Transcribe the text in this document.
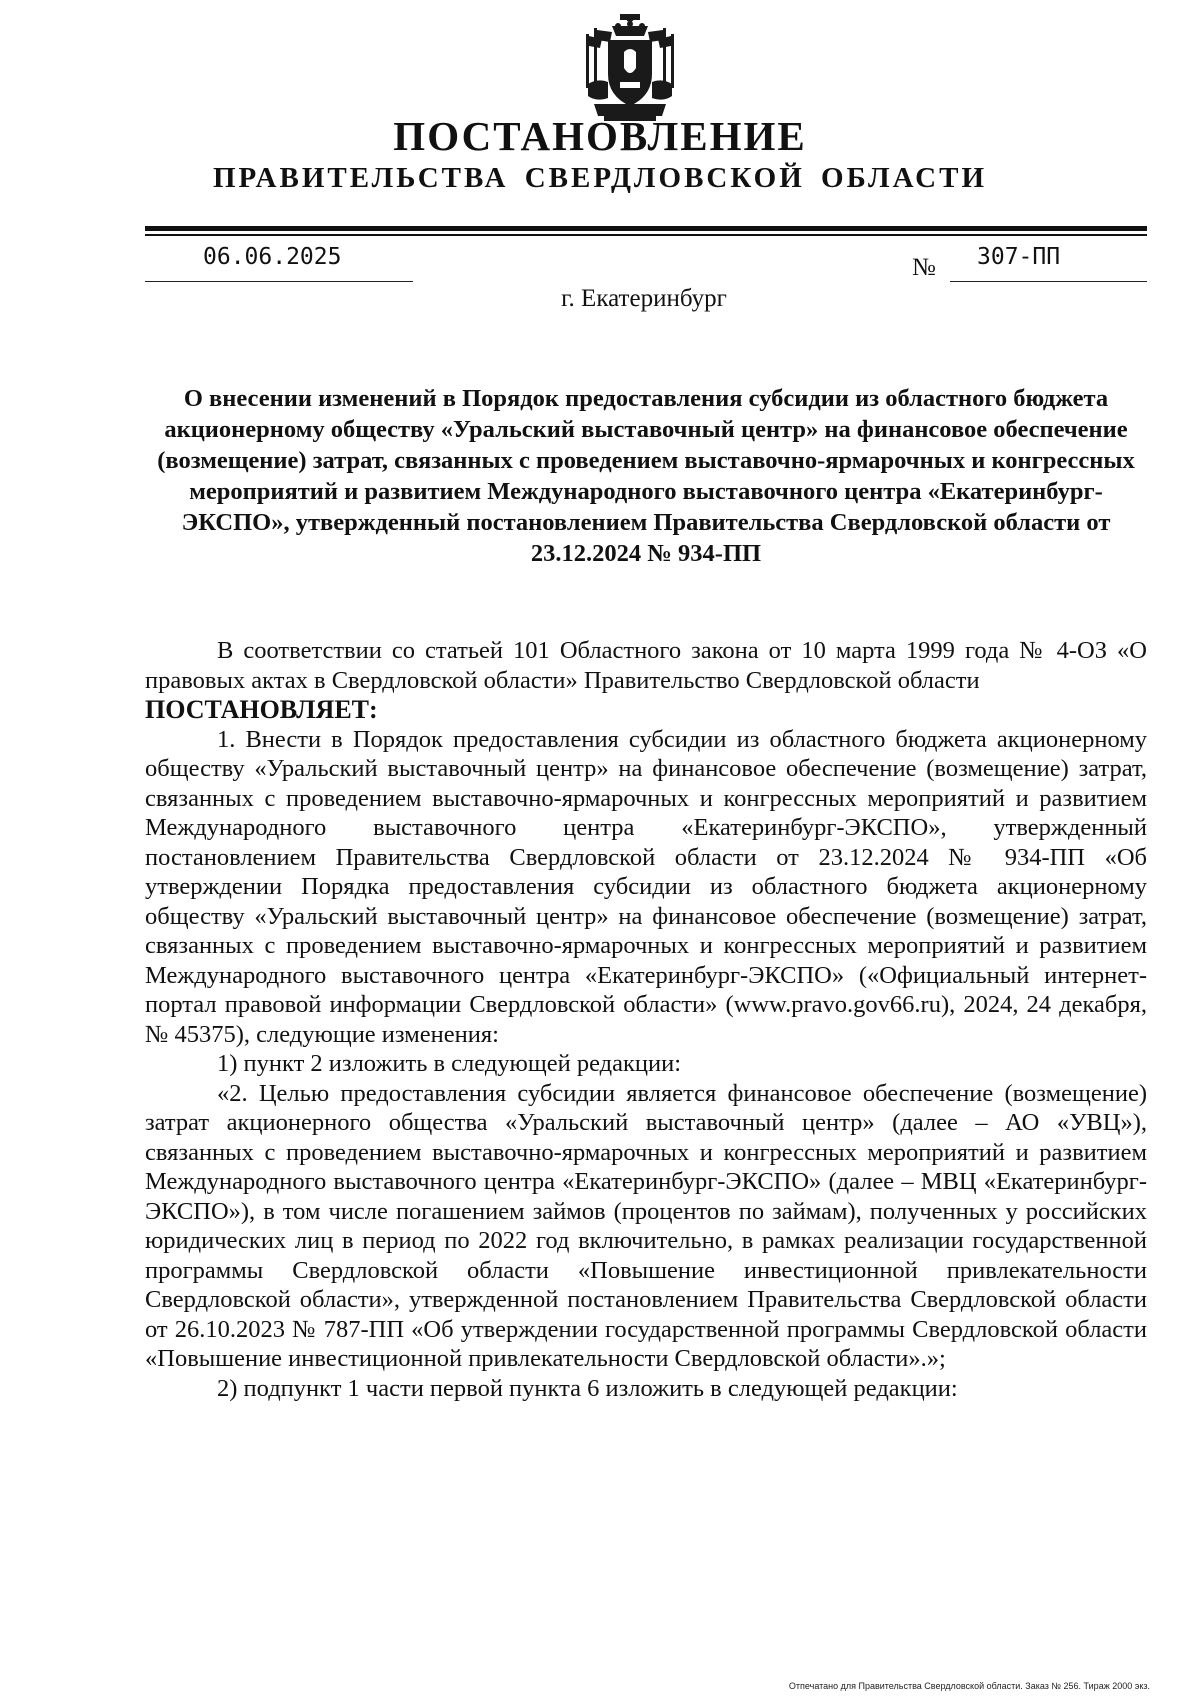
ПОСТАНОВЛЕНИЕ
ПРАВИТЕЛЬСТВА СВЕРДЛОВСКОЙ ОБЛАСТИ
06.06.2025	№ 307-ПП
г. Екатеринбург
О внесении изменений в Порядок предоставления субсидии из областного бюджета акционерному обществу «Уральский выставочный центр» на финансовое обеспечение (возмещение) затрат, связанных с проведением выставочно-ярмарочных и конгрессных мероприятий и развитием Международного выставочного центра «Екатеринбург-ЭКСПО», утвержденный постановлением Правительства Свердловской области от 23.12.2024 № 934-ПП

В соответствии со статьей 101 Областного закона от 10 марта 1999 года № 4-ОЗ «О правовых актах в Свердловской области» Правительство Свердловской области

ПОСТАНОВЛЯЕТ:

1. Внести в Порядок предоставления субсидии из областного бюджета акционерному обществу «Уральский выставочный центр» на финансовое обеспечение (возмещение) затрат, связанных с проведением выставочно-ярмарочных и конгрессных мероприятий и развитием Международного выставочного центра «Екатеринбург-ЭКСПО», утвержденный постановлением Правительства Свердловской области от 23.12.2024 № 934-ПП «Об утверждении Порядка предоставления субсидии из областного бюджета акционерному обществу «Уральский выставочный центр» на финансовое обеспечение (возмещение) затрат, связанных с проведением выставочно-ярмарочных и конгрессных мероприятий и развитием Международного выставочного центра «Екатеринбург-ЭКСПО» («Официальный интернет-портал правовой информации Свердловской области» (www.pravo.gov66.ru), 2024, 24 декабря, № 45375), следующие изменения:

1) пункт 2 изложить в следующей редакции:

«2. Целью предоставления субсидии является финансовое обеспечение (возмещение) затрат акционерного общества «Уральский выставочный центр» (далее – АО «УВЦ»), связанных с проведением выставочно-ярмарочных и конгрессных мероприятий и развитием Международного выставочного центра «Екатеринбург-ЭКСПО» (далее – МВЦ «Екатеринбург-ЭКСПО»), в том числе погашением займов (процентов по займам), полученных у российских юридических лиц в период по 2022 год включительно, в рамках реализации государственной программы Свердловской области «Повышение инвестиционной привлекательности Свердловской области», утвержденной постановлением Правительства Свердловской области от 26.10.2023 № 787-ПП «Об утверждении государственной программы Свердловской области «Повышение инвестиционной привлекательности Свердловской области».»;

2) подпункт 1 части первой пункта 6 изложить в следующей редакции:

Отпечатано для Правительства Свердловской области. Заказ № 256. Тираж 2000 экз.
